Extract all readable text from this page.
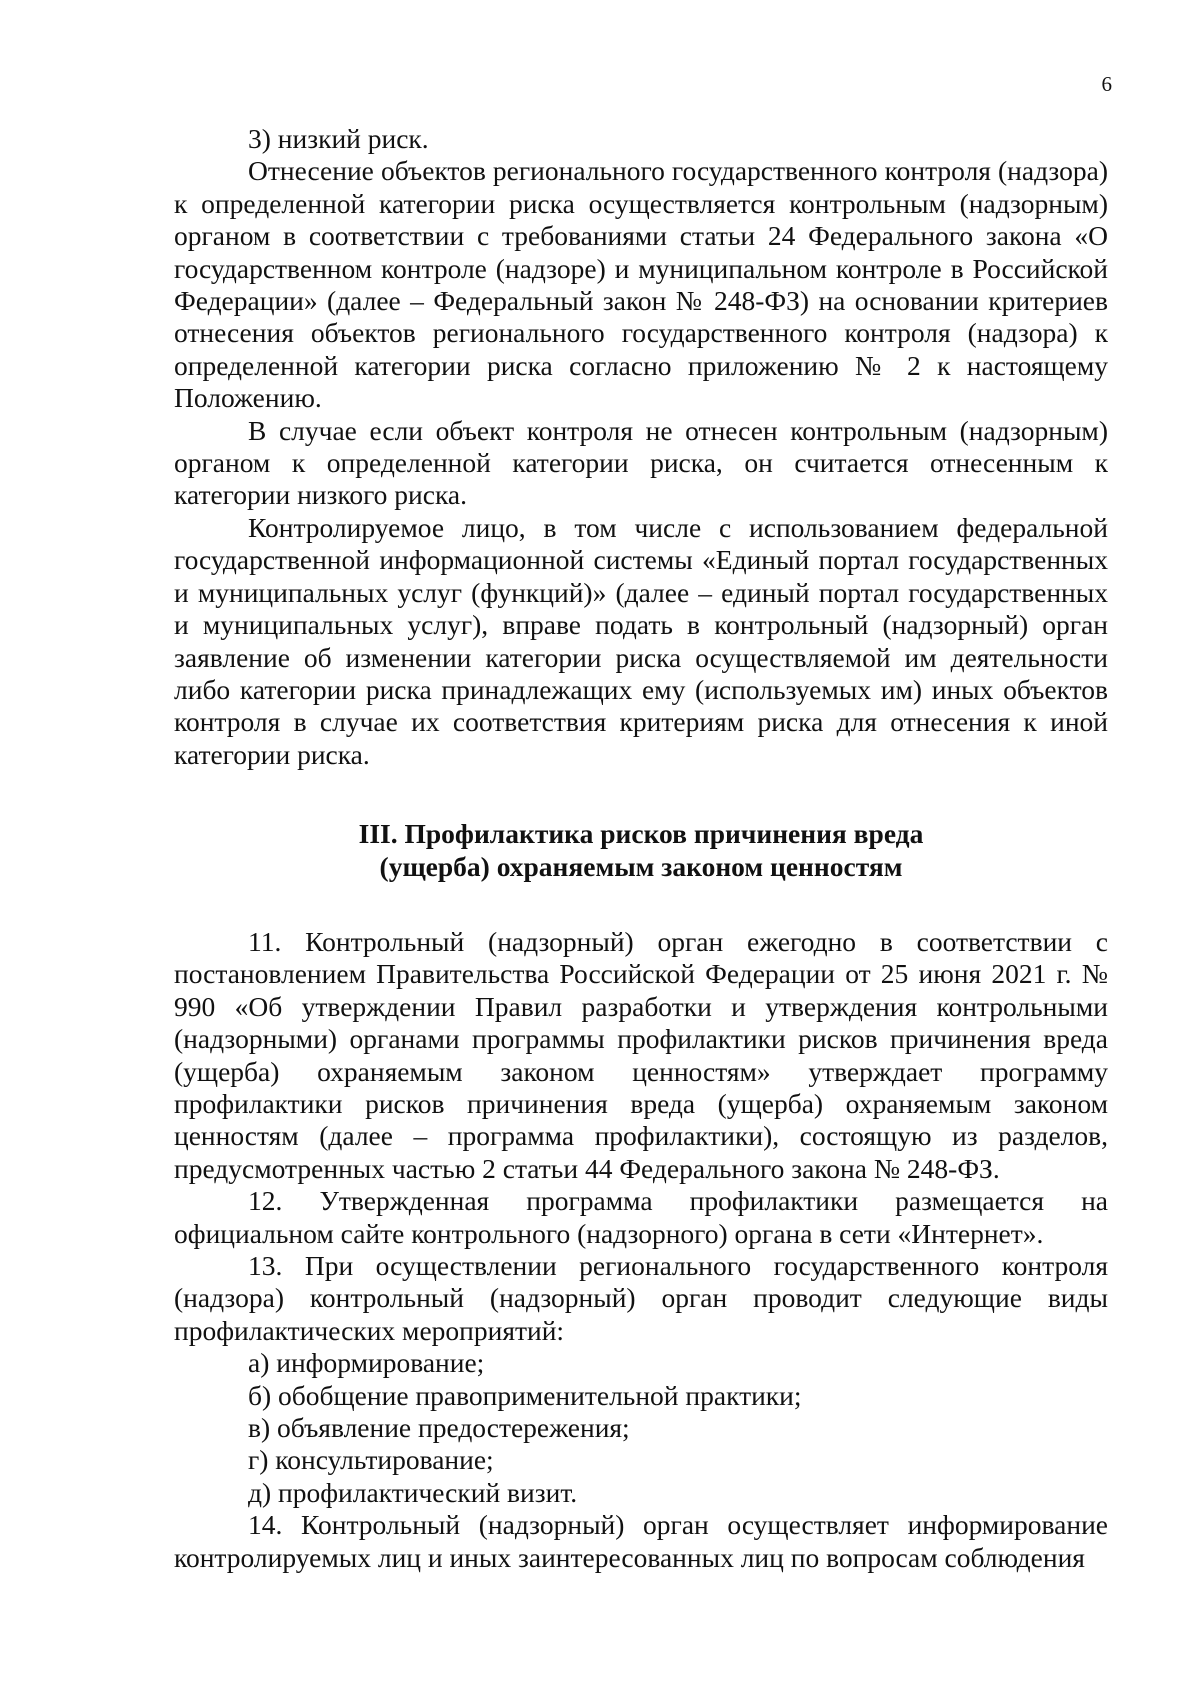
6

3) низкий риск.

Отнесение объектов регионального государственного контроля (надзора) к определенной категории риска осуществляется контрольным (надзорным) органом в соответствии с требованиями статьи 24 Федерального закона «О государственном контроле (надзоре) и муниципальном контроле в Российской Федерации» (далее – Федеральный закон № 248-ФЗ) на основании критериев отнесения объектов регионального государственного контроля (надзора) к определенной категории риска согласно приложению № 2 к настоящему Положению.

В случае если объект контроля не отнесен контрольным (надзорным) органом к определенной категории риска, он считается отнесенным к категории низкого риска.

Контролируемое лицо, в том числе с использованием федеральной государственной информационной системы «Единый портал государственных и муниципальных услуг (функций)» (далее – единый портал государственных и муниципальных услуг), вправе подать в контрольный (надзорный) орган заявление об изменении категории риска осуществляемой им деятельности либо категории риска принадлежащих ему (используемых им) иных объектов контроля в случае их соответствия критериям риска для отнесения к иной категории риска.

III. Профилактика рисков причинения вреда
(ущерба) охраняемым законом ценностям

11. Контрольный (надзорный) орган ежегодно в соответствии с постановлением Правительства Российской Федерации от 25 июня 2021 г. № 990 «Об утверждении Правил разработки и утверждения контрольными (надзорными) органами программы профилактики рисков причинения вреда (ущерба) охраняемым законом ценностям» утверждает программу профилактики рисков причинения вреда (ущерба) охраняемым законом ценностям (далее – программа профилактики), состоящую из разделов, предусмотренных частью 2 статьи 44 Федерального закона № 248-ФЗ.

12. Утвержденная программа профилактики размещается на официальном сайте контрольного (надзорного) органа в сети «Интернет».

13. При осуществлении регионального государственного контроля (надзора) контрольный (надзорный) орган проводит следующие виды профилактических мероприятий:

а) информирование;

б) обобщение правоприменительной практики;

в) объявление предостережения;

г) консультирование;

д) профилактический визит.

14. Контрольный (надзорный) орган осуществляет информирование контролируемых лиц и иных заинтересованных лиц по вопросам соблюдения
